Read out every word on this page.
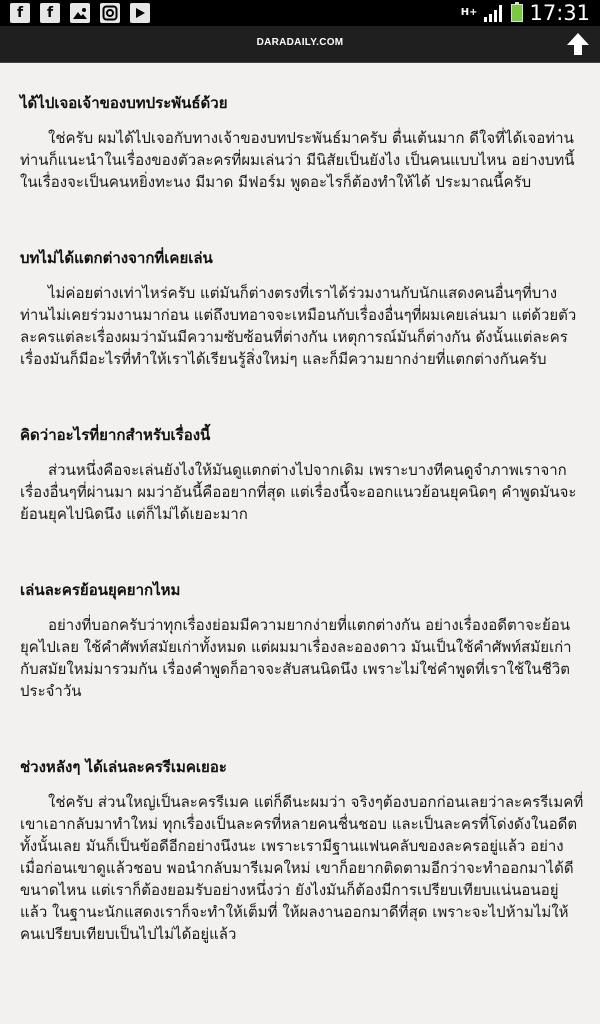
f	f	H+ 17:31
DARADAILY.COM
ได้ไปเจอเจ้าของบทประพันธ์ด้วย

ใช่ครับ ผมได้ไปเจอกับทางเจ้าของบทประพันธ์มาครับ ตื่นเต้นมาก ดีใจที่ได้เจอท่าน ท่านก็แนะนำในเรื่องของตัวละครที่ผมเล่นว่า มีนิสัยเป็นยังไง เป็นคนแบบไหน อย่างบทนี้ในเรื่องจะเป็นคนหยิ่งทะนง มีมาด มีฟอร์ม พูดอะไรก็ต้องทำให้ได้ ประมาณนี้ครับ

บทไม่ได้แตกต่างจากที่เคยเล่น

ไม่ค่อยต่างเท่าไหร่ครับ แต่มันก็ต่างตรงที่เราได้ร่วมงานกับนักแสดงคนอื่นๆที่บางท่านไม่เคยร่วมงานมาก่อน แต่ถึงบทอาจจะเหมือนกับเรื่องอื่นๆที่ผมเคยเล่นมา แต่ด้วยตัวละครแต่ละเรื่องผมว่ามันมีความซับซ้อนที่ต่างกัน เหตุการณ์มันก็ต่างกัน ดังนั้นแต่ละครเรื่องมันก็มีอะไรที่ทำให้เราได้เรียนรู้สิ่งใหม่ๆ และก็มีความยากง่ายที่แตกต่างกันครับ

คิดว่าอะไรที่ยากสำหรับเรื่องนี้

ส่วนหนึ่งคือจะเล่นยังไงให้มันดูแตกต่างไปจากเดิม เพราะบางทีคนดูจำภาพเราจากเรื่องอื่นๆที่ผ่านมา ผมว่าอันนี้คืออยากที่สุด แต่เรื่องนี้จะออกแนวย้อนยุคนิดๆ คำพูดมันจะย้อนยุคไปนิดนึง แต่ก็ไม่ได้เยอะมาก

เล่นละครย้อนยุคยากไหม

อย่างที่บอกครับว่าทุกเรื่องย่อมมีความยากง่ายที่แตกต่างกัน อย่างเรื่องอดีตาจะย้อนยุคไปเลย ใช้คำศัพท์สมัยเก่าทั้งหมด แต่ผมมาเรื่องละอองดาว มันเป็นใช้คำศัพท์สมัยเก่ากับสมัยใหม่มารวมกัน เรื่องคำพูดก็อาจจะสับสนนิดนึง เพราะไม่ใช่คำพูดที่เราใช้ในชีวิตประจำวัน

ช่วงหลังๆ ได้เล่นละครรีเมคเยอะ

ใช่ครับ ส่วนใหญ่เป็นละครรีเมค แต่ก็ดีนะผมว่า จริงๆต้องบอกก่อนเลยว่าละครรีเมคที่เขาเอากลับมาทำใหม่ ทุกเรื่องเป็นละครที่หลายคนชื่นชอบ และเป็นละครที่โด่งดังในอดีตทั้งนั้นเลย มันก็เป็นข้อดีอีกอย่างนึงนะ เพราะเรามีฐานแฟนคลับของละครอยู่แล้ว อย่างเมื่อก่อนเขาดูแล้วชอบ พอนำกลับมารีเมคใหม่ เขาก็อยากติดตามอีกว่าจะทำออกมาได้ดีขนาดไหน แต่เราก็ต้องยอมรับอย่างหนึ่งว่า ยังไงมันก็ต้องมีการเปรียบเทียบแน่นอนอยู่แล้ว ในฐานะนักแสดงเราก็จะทำให้เต็มที่ ให้ผลงานออกมาดีที่สุด เพราะจะไปห้ามไม่ให้คนเปรียบเทียบเป็นไปไม่ได้อยู่แล้ว
